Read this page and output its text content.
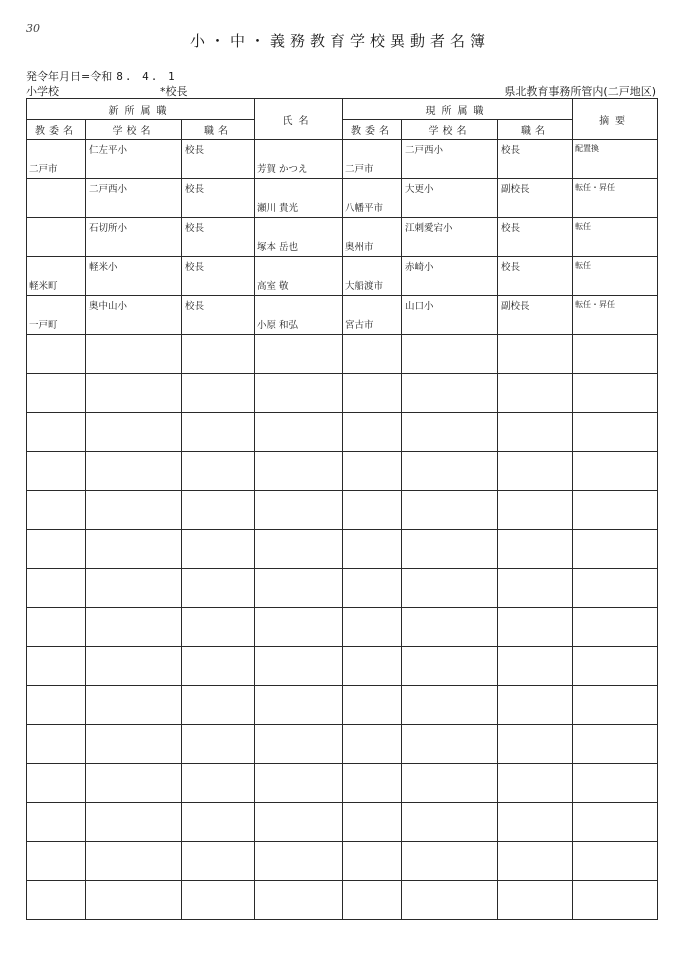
30
小・中・義務教育学校異動者名簿
発令年月日=令和 8. 4. 1
小学校	*校長	県北教育事務所管内(二戸地区)
新所属職			氏名	現所属職			摘要
教委名	学校名	職名		教委名	学校名	職名	

二戸市	仁左平小	校長	芳賀 かつえ	二戸市	二戸西小	校長	配置換

	二戸西小	校長	瀬川 貴光	八幡平市	大更小	副校長	転任・昇任

	石切所小	校長	塚本 岳也	奥州市	江刺愛宕小	校長	転任

軽米町	軽米小	校長	高室 敬	大船渡市	赤崎小	校長	転任

一戸町	奥中山小	校長	小原 和弘	宮古市	山口小	副校長	転任・昇任
